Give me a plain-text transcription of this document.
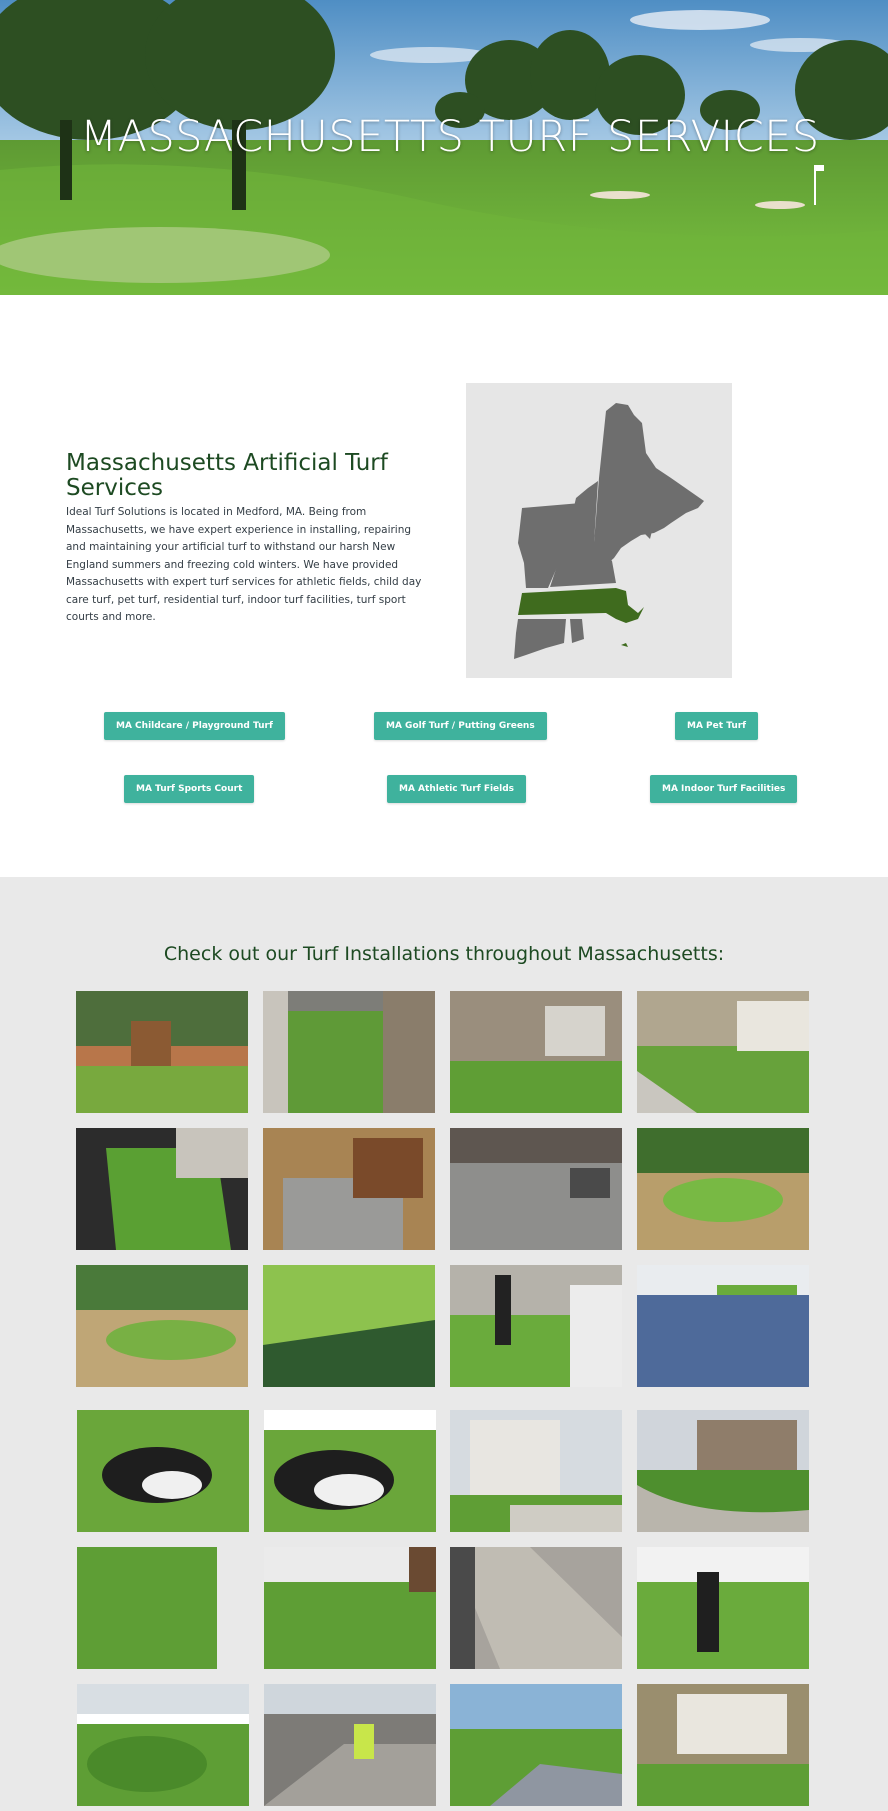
MASSACHUSETTS TURF SERVICES
Massachusetts Artificial Turf Services

Ideal Turf Solutions is located in Medford, MA. Being from Massachusetts, we have expert experience in installing, repairing and maintaining your artificial turf to withstand our harsh New England summers and freezing cold winters. We have provided Massachusetts with expert turf services for athletic fields, child day care turf, pet turf, residential turf, indoor turf facilities, turf sport courts and more.

MA Childcare / Playground Turf	MA Golf Turf / Putting Greens	MA Pet Turf
MA Turf Sports Court	MA Athletic Turf Fields	MA Indoor Turf Facilities
Check out our Turf Installations throughout Massachusetts:
